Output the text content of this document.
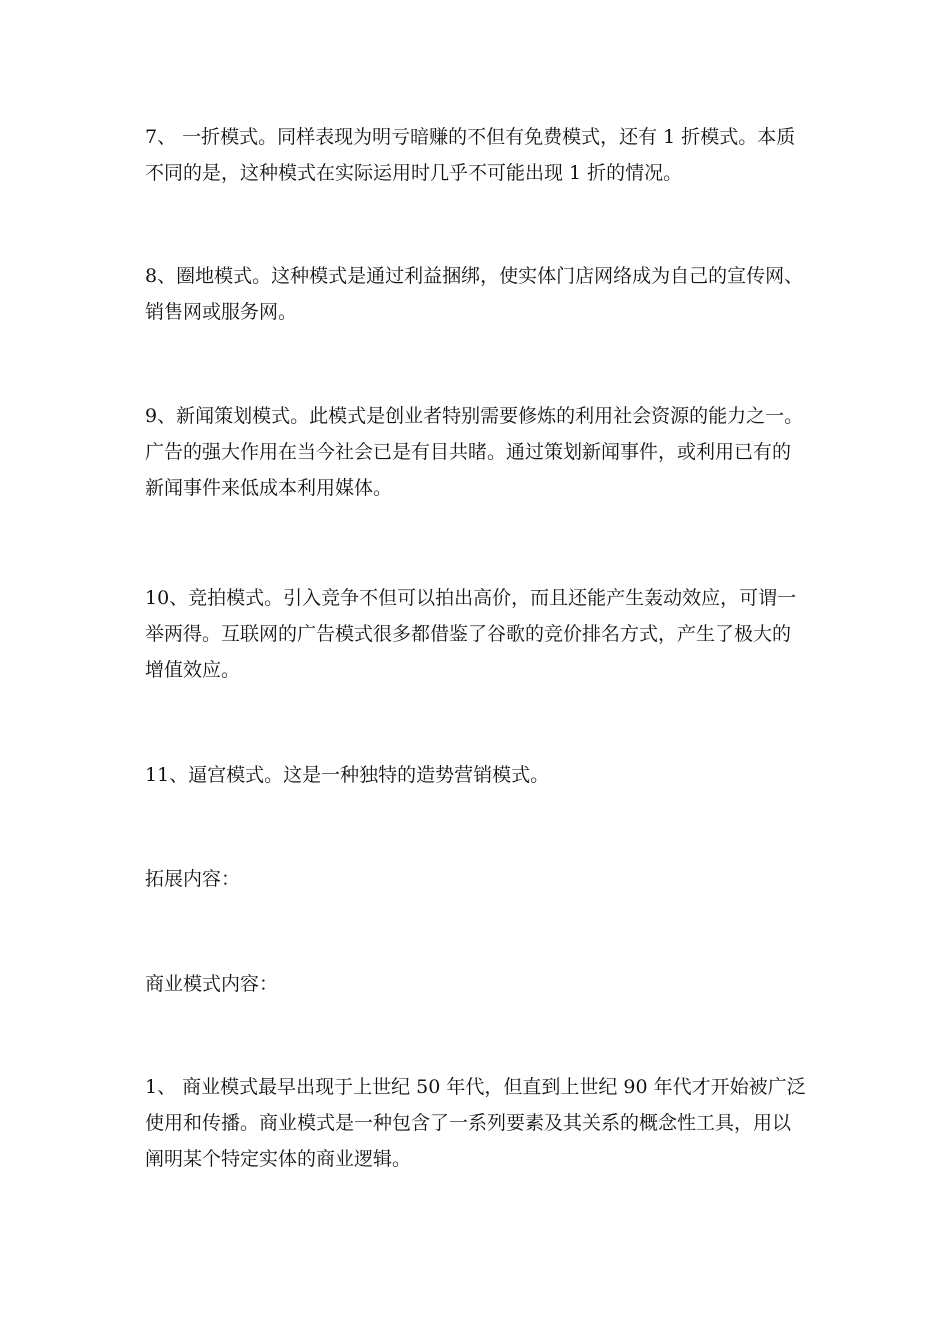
7、 一折模式。同样表现为明亏暗赚的不但有免费模式，还有 1 折模式。本质
不同的是，这种模式在实际运用时几乎不可能出现 1 折的情况。

8、圈地模式。这种模式是通过利益捆绑，使实体门店网络成为自己的宣传网、
销售网或服务网。

9、新闻策划模式。此模式是创业者特别需要修炼的利用社会资源的能力之一。
广告的强大作用在当今社会已是有目共睹。通过策划新闻事件，或利用已有的
新闻事件来低成本利用媒体。

10、竞拍模式。引入竞争不但可以拍出高价，而且还能产生轰动效应，可谓一
举两得。互联网的广告模式很多都借鉴了谷歌的竞价排名方式，产生了极大的
增值效应。

11、逼宫模式。这是一种独特的造势营销模式。

拓展内容：

商业模式内容：

1、 商业模式最早出现于上世纪 50 年代，但直到上世纪 90 年代才开始被广泛
使用和传播。商业模式是一种包含了一系列要素及其关系的概念性工具，用以
阐明某个特定实体的商业逻辑。
